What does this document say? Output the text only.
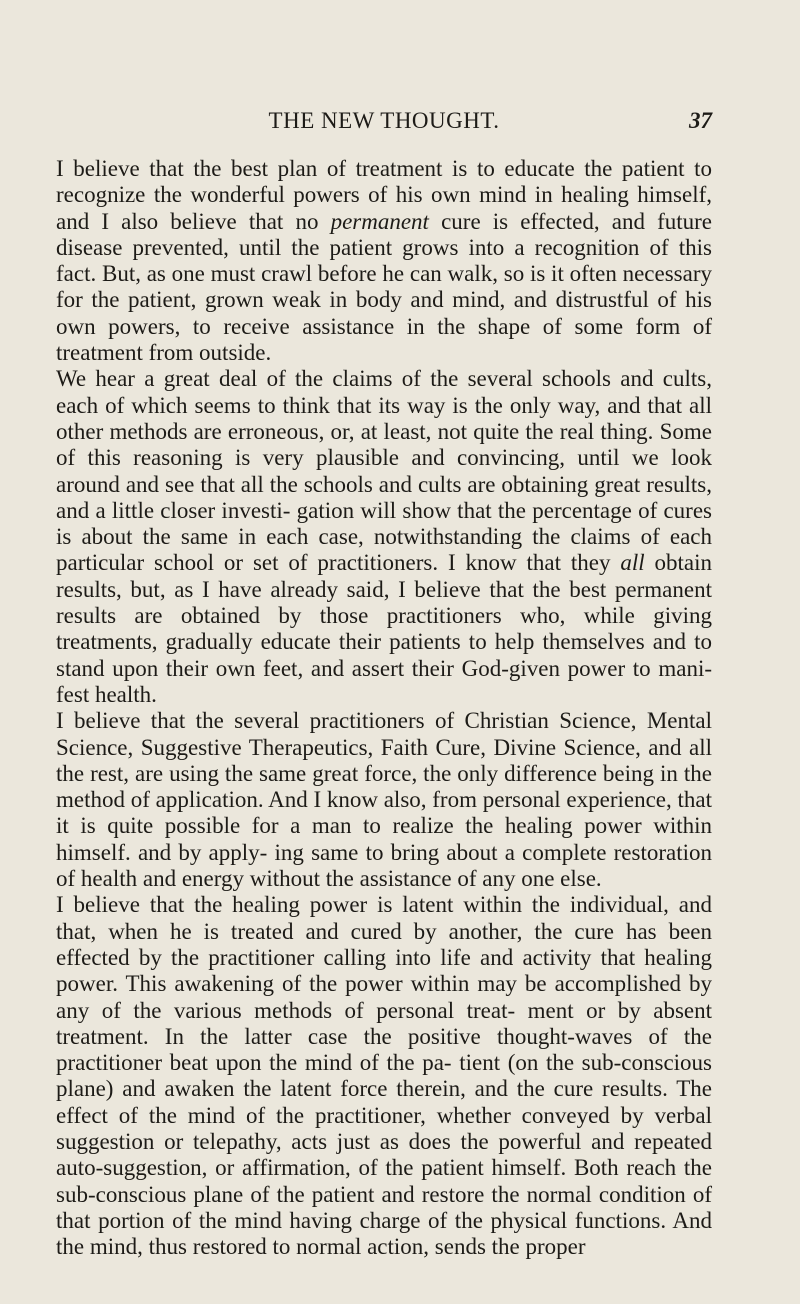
THE NEW THOUGHT.	37

I believe that the best plan of treatment is to educate the patient to recognize the wonderful powers of his own mind in healing himself, and I also believe that no permanent cure is effected, and future disease prevented, until the patient grows into a recognition of this fact. But, as one must crawl before he can walk, so is it often necessary for the patient, grown weak in body and mind, and distrustful of his own powers, to receive assistance in the shape of some form of treatment from outside.

We hear a great deal of the claims of the several schools and cults, each of which seems to think that its way is the only way, and that all other methods are erroneous, or, at least, not quite the real thing. Some of this reasoning is very plausible and convincing, until we look around and see that all the schools and cults are obtaining great results, and a little closer investi- gation will show that the percentage of cures is about the same in each case, notwithstanding the claims of each particular school or set of practitioners. I know that they all obtain results, but, as I have already said, I believe that the best permanent results are obtained by those practitioners who, while giving treatments, gradually educate their patients to help themselves and to stand upon their own feet, and assert their God-given power to mani- fest health.

I believe that the several practitioners of Christian Science, Mental Science, Suggestive Therapeutics, Faith Cure, Divine Science, and all the rest, are using the same great force, the only difference being in the method of application. And I know also, from personal experience, that it is quite possible for a man to realize the healing power within himself. and by apply- ing same to bring about a complete restoration of health and energy without the assistance of any one else.

I believe that the healing power is latent within the individual, and that, when he is treated and cured by another, the cure has been effected by the practitioner calling into life and activity that healing power. This awakening of the power within may be accomplished by any of the various methods of personal treat- ment or by absent treatment. In the latter case the positive thought-waves of the practitioner beat upon the mind of the pa- tient (on the sub-conscious plane) and awaken the latent force therein, and the cure results. The effect of the mind of the practitioner, whether conveyed by verbal suggestion or telepathy, acts just as does the powerful and repeated auto-suggestion, or affirmation, of the patient himself. Both reach the sub-conscious plane of the patient and restore the normal condition of that portion of the mind having charge of the physical functions. And the mind, thus restored to normal action, sends the proper
